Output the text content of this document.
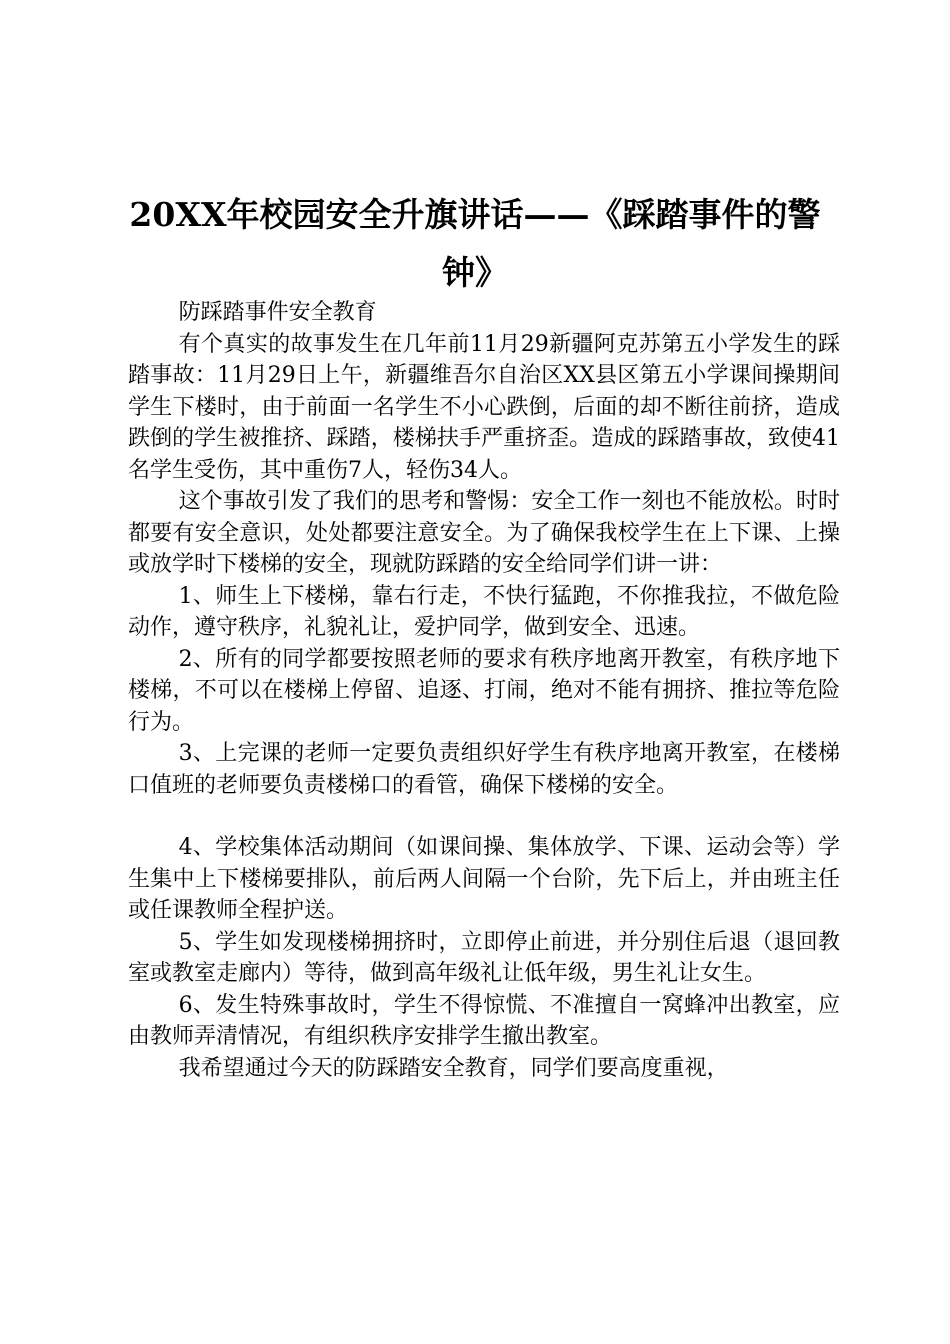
20XX年校园安全升旗讲话——《踩踏事件的警钟》

防踩踏事件安全教育

有个真实的故事发生在几年前11月29新疆阿克苏第五小学发生的踩踏事故：11月29日上午，新疆维吾尔自治区XX县区第五小学课间操期间学生下楼时，由于前面一名学生不小心跌倒，后面的却不断往前挤，造成跌倒的学生被推挤、踩踏，楼梯扶手严重挤歪。造成的踩踏事故，致使41名学生受伤，其中重伤7人，轻伤34人。

这个事故引发了我们的思考和警惕：安全工作一刻也不能放松。时时都要有安全意识，处处都要注意安全。为了确保我校学生在上下课、上操或放学时下楼梯的安全，现就防踩踏的安全给同学们讲一讲：

1、师生上下楼梯，靠右行走，不快行猛跑，不你推我拉，不做危险动作，遵守秩序，礼貌礼让，爱护同学，做到安全、迅速。

2、所有的同学都要按照老师的要求有秩序地离开教室，有秩序地下楼梯，不可以在楼梯上停留、追逐、打闹，绝对不能有拥挤、推拉等危险行为。

3、上完课的老师一定要负责组织好学生有秩序地离开教室，在楼梯口值班的老师要负责楼梯口的看管，确保下楼梯的安全。

4、学校集体活动期间（如课间操、集体放学、下课、运动会等）学生集中上下楼梯要排队，前后两人间隔一个台阶，先下后上，并由班主任或任课教师全程护送。

5、学生如发现楼梯拥挤时，立即停止前进，并分别住后退（退回教室或教室走廊内）等待，做到高年级礼让低年级，男生礼让女生。

6、发生特殊事故时，学生不得惊慌、不准擅自一窝蜂冲出教室，应由教师弄清情况，有组织秩序安排学生撤出教室。

我希望通过今天的防踩踏安全教育，同学们要高度重视，
